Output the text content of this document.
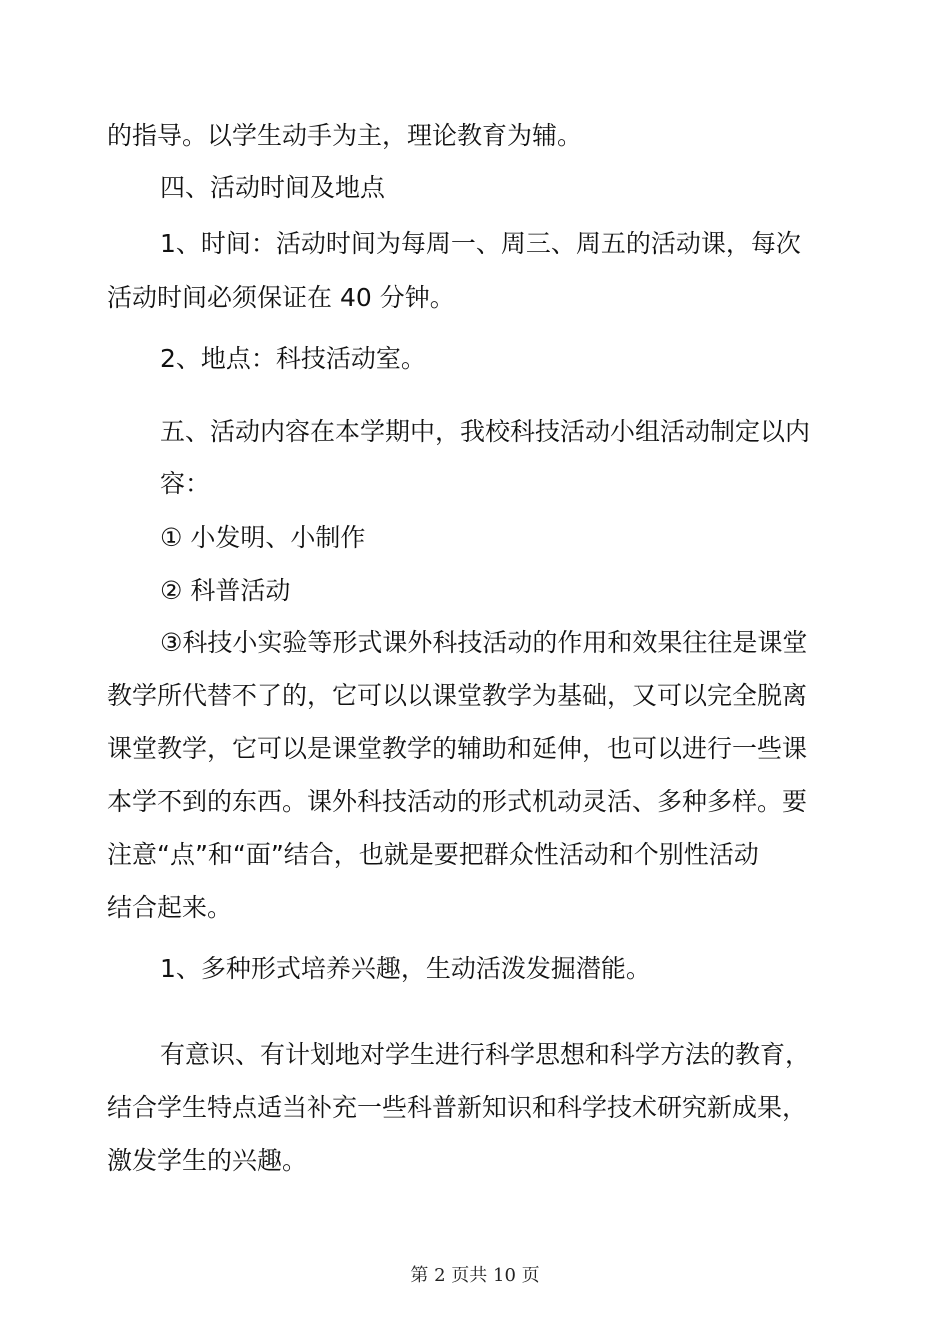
的指导。以学生动手为主，理论教育为辅。

四、活动时间及地点

1、时间：活动时间为每周一、周三、周五的活动课，每次

活动时间必须保证在 40 分钟。

2、地点：科技活动室。

五、活动内容在本学期中，我校科技活动小组活动制定以内

容：

① 小发明、小制作

② 科普活动

③科技小实验等形式课外科技活动的作用和效果往往是课堂

教学所代替不了的，它可以以课堂教学为基础，又可以完全脱离

课堂教学，它可以是课堂教学的辅助和延伸，也可以进行一些课

本学不到的东西。课外科技活动的形式机动灵活、多种多样。要

注意“点”和“面”结合，也就是要把群众性活动和个别性活动

结合起来。

1、多种形式培养兴趣，生动活泼发掘潜能。

有意识、有计划地对学生进行科学思想和科学方法的教育，

结合学生特点适当补充一些科普新知识和科学技术研究新成果，

激发学生的兴趣。

第 2 页共 10 页
